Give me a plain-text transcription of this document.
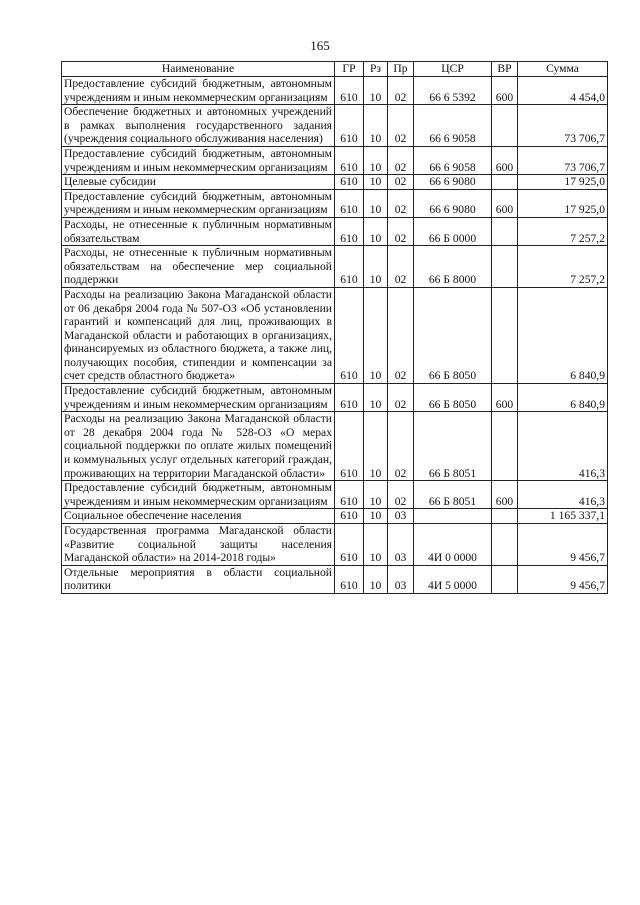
165
Наименование	ГР	Рз	Пр	ЦСР	ВР	Сумма
Предоставление субсидий бюджетным, автономным учреждениям и иным некоммерческим организациям	610	10	02	66 6 5392	600	4 454,0
Обеспечение бюджетных и автономных учреждений в рамках выполнения государственного задания (учреждения социального обслуживания населения)	610	10	02	66 6 9058		73 706,7
Предоставление субсидий бюджетным, автономным учреждениям и иным некоммерческим организациям	610	10	02	66 6 9058	600	73 706,7
Целевые субсидии	610	10	02	66 6 9080		17 925,0
Предоставление субсидий бюджетным, автономным учреждениям и иным некоммерческим организациям	610	10	02	66 6 9080	600	17 925,0
Расходы, не отнесенные к публичным нормативным обязательствам	610	10	02	66 Б 0000		7 257,2
Расходы, не отнесенные к публичным нормативным обязательствам на обеспечение мер социальной поддержки	610	10	02	66 Б 8000		7 257,2
Расходы на реализацию Закона Магаданской области от 06 декабря 2004 года № 507-ОЗ «Об установлении гарантий и компенсаций для лиц, проживающих в Магаданской области и работающих в организациях, финансируемых из областного бюджета, а также лиц, получающих пособия, стипендии и компенсации за счет средств областного бюджета»	610	10	02	66 Б 8050		6 840,9
Предоставление субсидий бюджетным, автономным учреждениям и иным некоммерческим организациям	610	10	02	66 Б 8050	600	6 840,9
Расходы на реализацию Закона Магаданской области от 28 декабря 2004 года № 528-ОЗ «О мерах социальной поддержки по оплате жилых помещений и коммунальных услуг отдельных категорий граждан, проживающих на территории Магаданской области»	610	10	02	66 Б 8051		416,3
Предоставление субсидий бюджетным, автономным учреждениям и иным некоммерческим организациям	610	10	02	66 Б 8051	600	416,3
Социальное обеспечение населения	610	10	03			1 165 337,1
Государственная программа Магаданской области «Развитие социальной защиты населения Магаданской области» на 2014-2018 годы»	610	10	03	4И 0 0000		9 456,7
Отдельные мероприятия в области социальной политики	610	10	03	4И 5 0000		9 456,7
